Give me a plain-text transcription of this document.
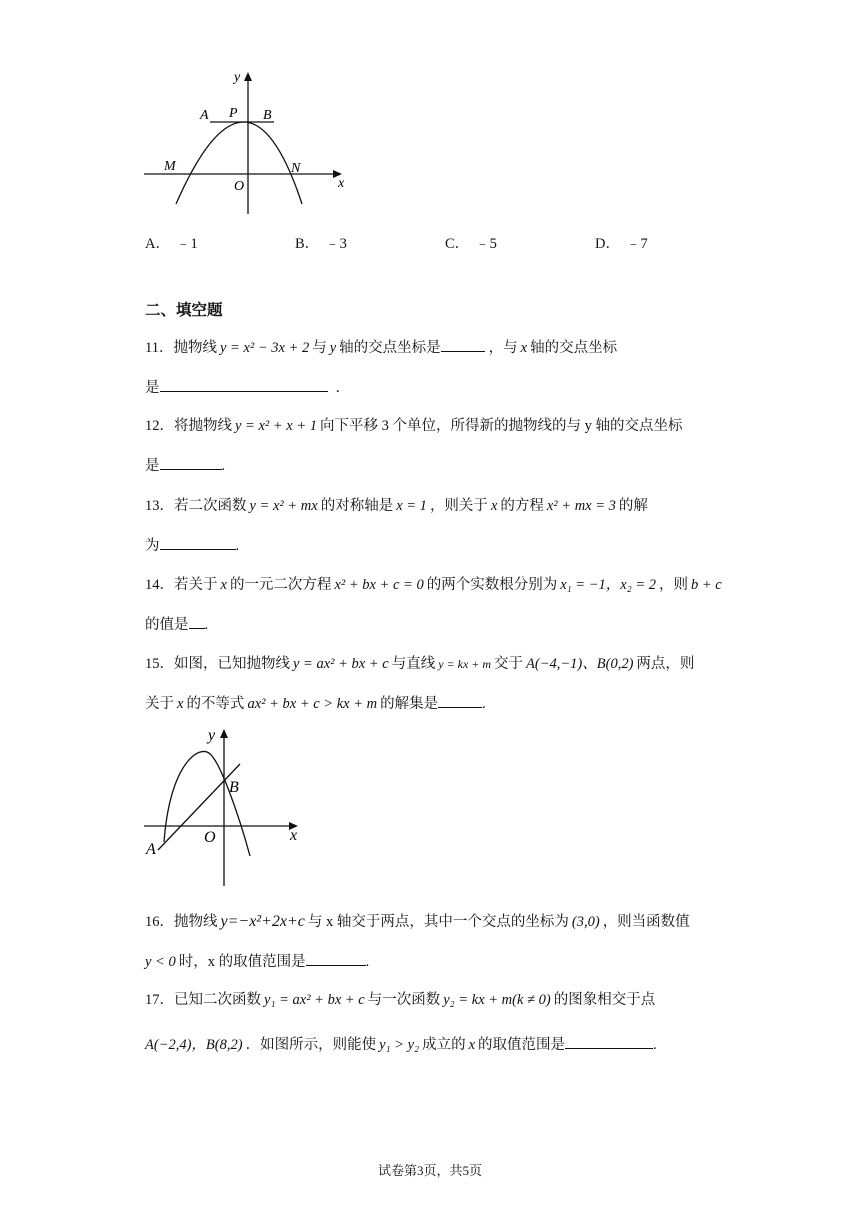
y
x
A P B
M	N
O
A． ﹣1	B． ﹣3	C． ﹣5	D． ﹣7
二、填空题
11．抛物线 y = x² − 3x + 2 与 y 轴的交点坐标是	，与 x 轴的交点坐标
是	．
12．将抛物线 y = x² + x + 1 向下平移 3 个单位，所得新的抛物线的与 y 轴的交点坐标
是	.
13．若二次函数 y = x² + mx 的对称轴是 x = 1 ，则关于 x 的方程 x² + mx = 3 的解
为	.
14．若关于 x 的一元二次方程 x² + bx + c = 0 的两个实数根分别为 x₁ = −1，x₂ = 2 ，则 b + c
的值是 .
15．如图，已知抛物线 y = ax² + bx + c 与直线 y = kx + m 交于 A(−4,−1)、B(0,2) 两点，则
关于 x 的不等式 ax² + bx + c > kx + m 的解集是	.
y
x
B
O
A
16．抛物线 y=−x²+2x+c 与 x 轴交于两点，其中一个交点的坐标为 (3,0) ，则当函数值
y < 0 时，x 的取值范围是	.
17．已知二次函数 y₁ = ax² + bx + c 与一次函数 y₂ = kx + m(k ≠ 0) 的图象相交于点
A(−2,4)，B(8,2) ．如图所示，则能使 y₁ > y₂ 成立的 x 的取值范围是	.
试卷第3页，共5页
